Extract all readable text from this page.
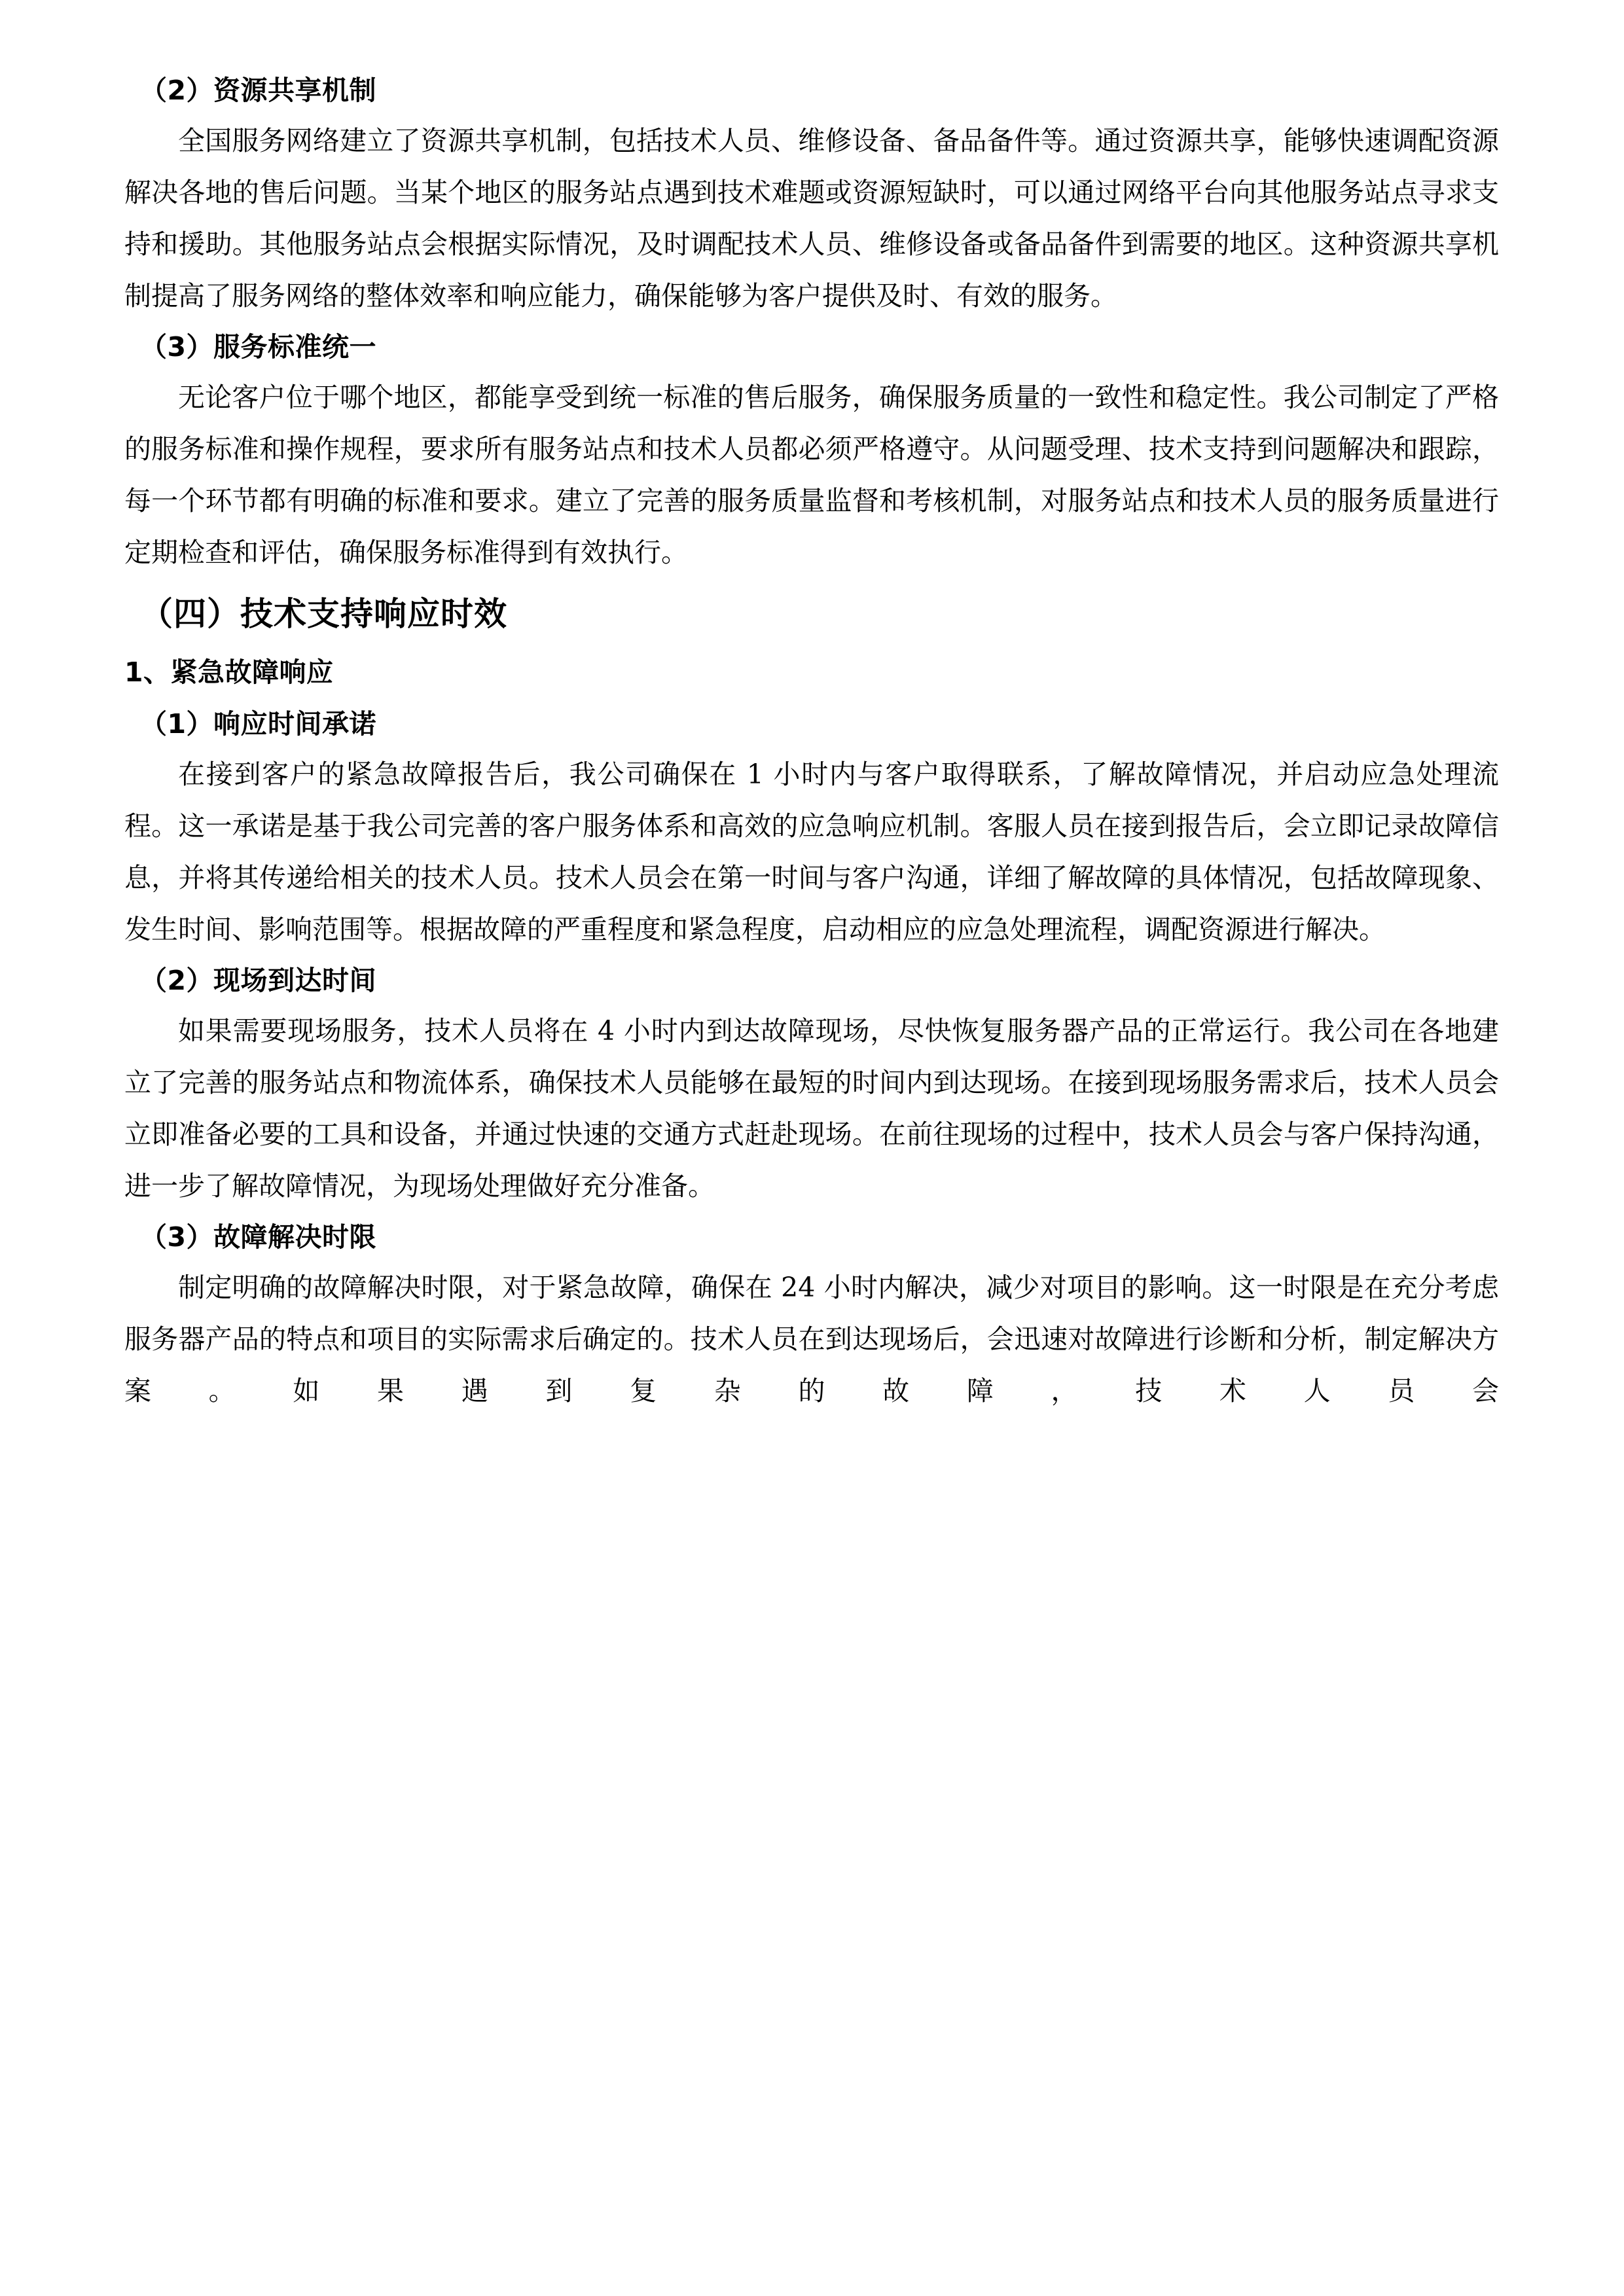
（2）资源共享机制

全国服务网络建立了资源共享机制，包括技术人员、维修设备、备品备件等。通过资源共享，能够快速调配资源解决各地的售后问题。当某个地区的服务站点遇到技术难题或资源短缺时，可以通过网络平台向其他服务站点寻求支持和援助。其他服务站点会根据实际情况，及时调配技术人员、维修设备或备品备件到需要的地区。这种资源共享机制提高了服务网络的整体效率和响应能力，确保能够为客户提供及时、有效的服务。

（3）服务标准统一

无论客户位于哪个地区，都能享受到统一标准的售后服务，确保服务质量的一致性和稳定性。我公司制定了严格的服务标准和操作规程，要求所有服务站点和技术人员都必须严格遵守。从问题受理、技术支持到问题解决和跟踪，每一个环节都有明确的标准和要求。建立了完善的服务质量监督和考核机制，对服务站点和技术人员的服务质量进行定期检查和评估，确保服务标准得到有效执行。

（四）技术支持响应时效
1、紧急故障响应
（1）响应时间承诺

在接到客户的紧急故障报告后，我公司确保在 1 小时内与客户取得联系，了解故障情况，并启动应急处理流程。这一承诺是基于我公司完善的客户服务体系和高效的应急响应机制。客服人员在接到报告后，会立即记录故障信息，并将其传递给相关的技术人员。技术人员会在第一时间与客户沟通，详细了解故障的具体情况，包括故障现象、发生时间、影响范围等。根据故障的严重程度和紧急程度，启动相应的应急处理流程，调配资源进行解决。

（2）现场到达时间

如果需要现场服务，技术人员将在 4 小时内到达故障现场，尽快恢复服务器产品的正常运行。我公司在各地建立了完善的服务站点和物流体系，确保技术人员能够在最短的时间内到达现场。在接到现场服务需求后，技术人员会立即准备必要的工具和设备，并通过快速的交通方式赶赴现场。在前往现场的过程中，技术人员会与客户保持沟通，进一步了解故障情况，为现场处理做好充分准备。

（3）故障解决时限

制定明确的故障解决时限，对于紧急故障，确保在 24 小时内解决，减少对项目的影响。这一时限是在充分考虑服务器产品的特点和项目的实际需求后确定的。技术人员在到达现场后，会迅速对故障进行诊断和分析，制定解决方案。如果遇到复杂的故障，技术人员会
